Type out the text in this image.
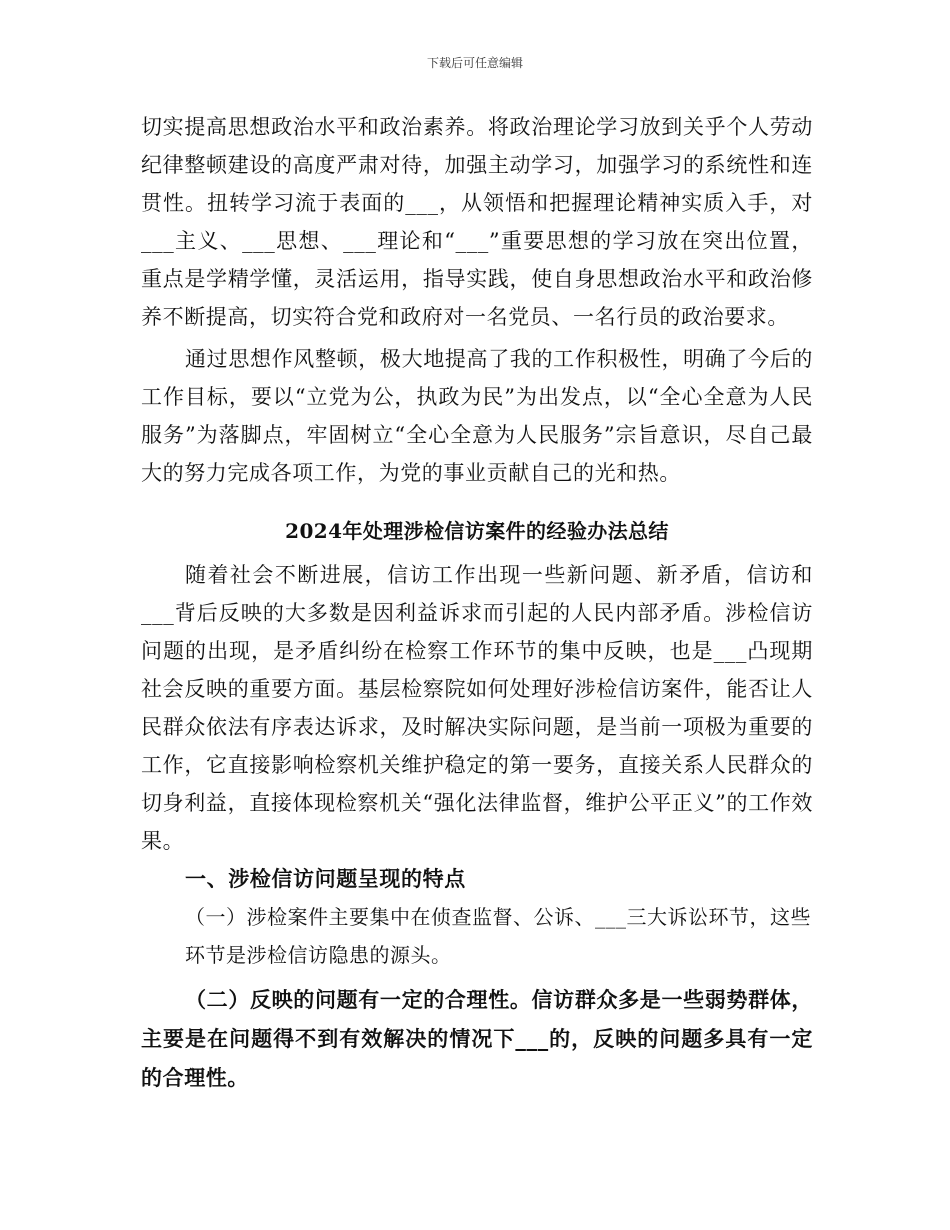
下载后可任意编辑

切实提高思想政治水平和政治素养。将政治理论学习放到关乎个人劳动纪律整顿建设的高度严肃对待，加强主动学习，加强学习的系统性和连贯性。扭转学习流于表面的___，从领悟和把握理论精神实质入手，对___主义、___思想、___理论和“___”重要思想的学习放在突出位置，重点是学精学懂，灵活运用，指导实践，使自身思想政治水平和政治修养不断提高，切实符合党和政府对一名党员、一名行员的政治要求。

通过思想作风整顿，极大地提高了我的工作积极性，明确了今后的工作目标，要以“立党为公，执政为民”为出发点，以“全心全意为人民服务”为落脚点，牢固树立“全心全意为人民服务”宗旨意识，尽自己最大的努力完成各项工作，为党的事业贡献自己的光和热。

2024年处理涉检信访案件的经验办法总结

随着社会不断进展，信访工作出现一些新问题、新矛盾，信访和___背后反映的大多数是因利益诉求而引起的人民内部矛盾。涉检信访问题的出现，是矛盾纠纷在检察工作环节的集中反映，也是___凸现期社会反映的重要方面。基层检察院如何处理好涉检信访案件，能否让人民群众依法有序表达诉求，及时解决实际问题，是当前一项极为重要的工作，它直接影响检察机关维护稳定的第一要务，直接关系人民群众的切身利益，直接体现检察机关“强化法律监督，维护公平正义”的工作效果。

一、涉检信访问题呈现的特点

（一）涉检案件主要集中在侦查监督、公诉、___三大诉讼环节，这些环节是涉检信访隐患的源头。

（二）反映的问题有一定的合理性。信访群众多是一些弱势群体，主要是在问题得不到有效解决的情况下___的，反映的问题多具有一定的合理性。
